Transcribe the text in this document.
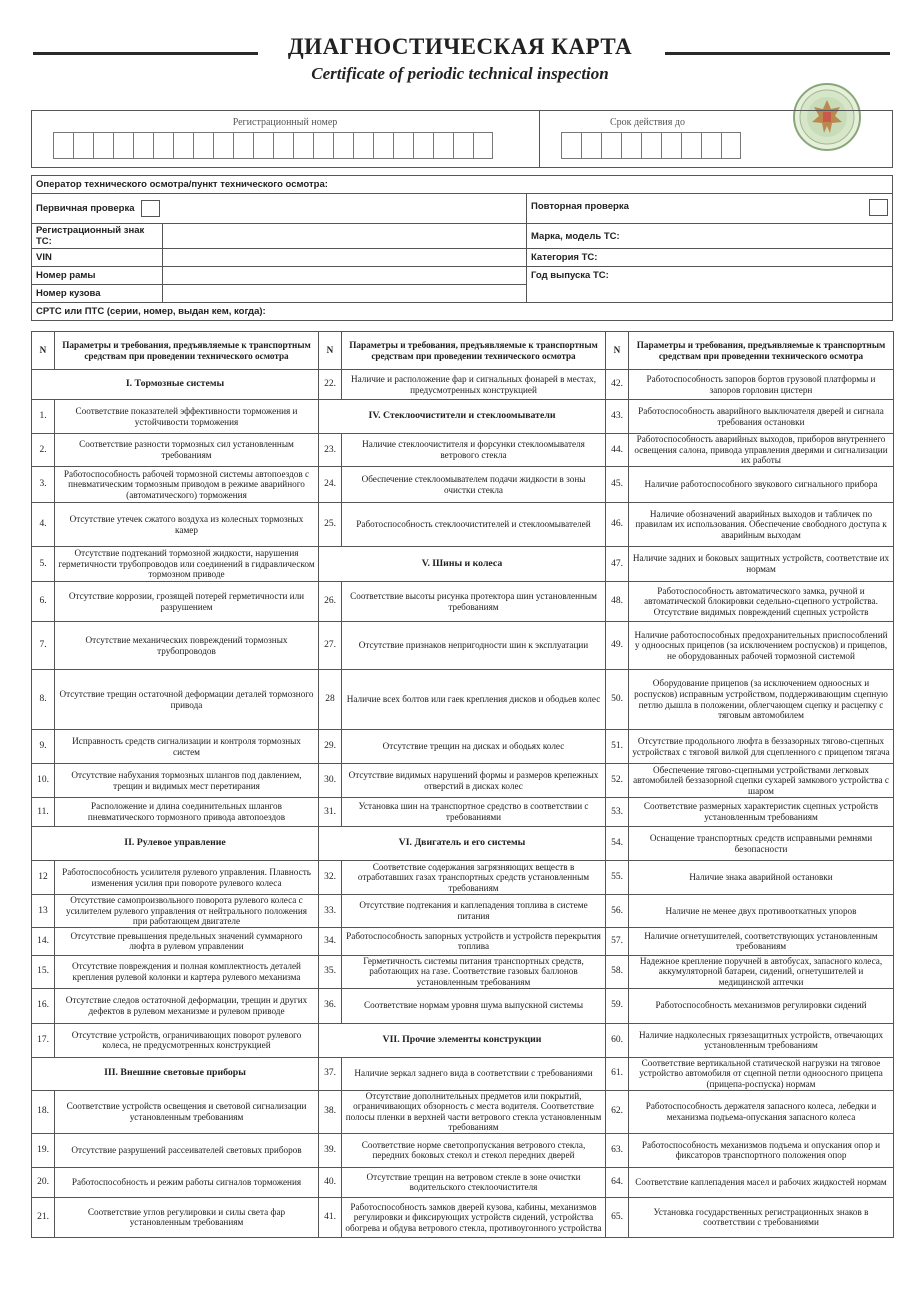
ДИАГНОСТИЧЕСКАЯ КАРТА
Certificate of periodic technical inspection
Регистрационный номер	Срок действия до
Оператор технического осмотра/пункт технического осмотра:		
Первичная проверка		Повторная проверка

Регистрационный знак ТС:		Марка, модель ТС:
VIN		Категория ТС:
Номер рамы		Год выпуска ТС:
Номер кузова		
СРТС или ПТС (серии, номер, выдан кем, когда):		
N	Параметры и требования, предъявляемые к транспортным средствам при проведении технического осмотра	N	Параметры и требования, предъявляемые к транспортным средствам при проведении технического осмотра	N	Параметры и требования, предъявляемые к транспортным средствам при проведении технического осмотра
I. Тормозные системы		22.	Наличие и расположение фар и сигнальных фонарей в местах, предусмотренных конструкцией	42.	Работоспособность запоров бортов грузовой платформы и запоров горловин цистерн
1.	Соответствие показателей эффективности торможения и устойчивости торможения	IV. Стеклоочистители и стеклоомыватели		43.	Работоспособность аварийного выключателя дверей и сигнала требования остановки
2.	Соответствие разности тормозных сил установленным требованиям	23.	Наличие стеклоочистителя и форсунки стеклоомывателя ветрового стекла	44.	Работоспособность аварийных выходов, приборов внутреннего освещения салона, привода управления дверями и сигнализации их работы
3.	Работоспособность рабочей тормозной системы автопоездов с пневматическим тормозным приводом в режиме аварийного (автоматического) торможения	24.	Обеспечение стеклоомывателем подачи жидкости в зоны очистки стекла	45.	Наличие работоспособного звукового сигнального прибора
4.	Отсутствие утечек сжатого воздуха из колесных тормозных камер	25.	Работоспособность стеклоочистителей и стеклоомывателей	46.	Наличие обозначений аварийных выходов и табличек по правилам их использования. Обеспечение свободного доступа к аварийным выходам
5.	Отсутствие подтеканий тормозной жидкости, нарушения герметичности трубопроводов или соединений в гидравлическом тормозном приводе	V. Шины и колеса		47.	Наличие задних и боковых защитных устройств, соответствие их нормам
6.	Отсутствие коррозии, грозящей потерей герметичности или разрушением	26.	Соответствие высоты рисунка протектора шин установленным требованиям	48.	Работоспособность автоматического замка, ручной и автоматической блокировки седельно-сцепного устройства. Отсутствие видимых повреждений сцепных устройств
7.	Отсутствие механических повреждений тормозных трубопроводов	27.	Отсутствие признаков непригодности шин к эксплуатации	49.	Наличие работоспособных предохранительных приспособлений у одноосных прицепов (за исключением роспусков) и прицепов, не оборудованных рабочей тормозной системой
8.	Отсутствие трещин остаточной деформации деталей тормозного привода	28	Наличие всех болтов или гаек крепления дисков и ободьев колес	50.	Оборудование прицепов (за исключением одноосных и роспусков) исправным устройством, поддерживающим сцепную петлю дышла в положении, облегчающем сцепку и расцепку с тяговым автомобилем
9.	Исправность средств сигнализации и контроля тормозных систем	29.	Отсутствие трещин на дисках и ободьях колес	51.	Отсутствие продольного люфта в беззазорных тягово-сцепных устройствах с тяговой вилкой для сцепленного с прицепом тягача
10.	Отсутствие набухания тормозных шлангов под давлением, трещин и видимых мест перетирания	30.	Отсутствие видимых нарушений формы и размеров крепежных отверстий в дисках колес	52.	Обеспечение тягово-сцепными устройствами легковых автомобилей беззазорной сцепки сухарей замкового устройства с шаром
11.	Расположение и длина соединительных шлангов пневматического тормозного привода автопоездов	31.	Установка шин на транспортное средство в соответствии с требованиями	53.	Соответствие размерных характеристик сцепных устройств установленным требованиям
II. Рулевое управление		VI. Двигатель и его системы		54.	Оснащение транспортных средств исправными ремнями безопасности
12	Работоспособность усилителя рулевого управления. Плавность изменения усилия при повороте рулевого колеса	32.	Соответствие содержания загрязняющих веществ в отработавших газах транспортных средств установленным требованиям	55.	Наличие знака аварийной остановки
13	Отсутствие самопроизвольного поворота рулевого колеса с усилителем рулевого управления от нейтрального положения при работающем двигателе	33.	Отсутствие подтекания и каплепадения топлива в системе питания	56.	Наличие не менее двух противооткатных упоров
14.	Отсутствие превышения предельных значений суммарного люфта в рулевом управлении	34.	Работоспособность запорных устройств и устройств перекрытия топлива	57.	Наличие огнетушителей, соответствующих установленным требованиям
15.	Отсутствие повреждения и полная комплектность деталей крепления рулевой колонки и картера рулевого механизма	35.	Герметичность системы питания транспортных средств, работающих на газе. Соответствие газовых баллонов установленным требованиям	58.	Надежное крепление поручней в автобусах, запасного колеса, аккумуляторной батареи, сидений, огнетушителей и медицинской аптечки
16.	Отсутствие следов остаточной деформации, трещин и других дефектов в рулевом механизме и рулевом приводе	36.	Соответствие нормам уровня шума выпускной системы	59.	Работоспособность механизмов регулировки сидений
17.	Отсутствие устройств, ограничивающих поворот рулевого колеса, не предусмотренных конструкцией	VII. Прочие элементы конструкции		60.	Наличие надколесных грязезащитных устройств, отвечающих установленным требованиям
III. Внешние световые приборы		37.	Наличие зеркал заднего вида в соответствии с требованиями	61.	Соответствие вертикальной статической нагрузки на тяговое устройство автомобиля от сцепной петли одноосного прицепа (прицепа-роспуска) нормам
18.	Соответствие устройств освещения и световой сигнализации установленным требованиям	38.	Отсутствие дополнительных предметов или покрытий, ограничивающих обзорность с места водителя. Соответствие полосы пленки в верхней части ветрового стекла установленным требованиям	62.	Работоспособность держателя запасного колеса, лебедки и механизма подъема-опускания запасного колеса
19.	Отсутствие разрушений рассеивателей световых приборов	39.	Соответствие норме светопропускания ветрового стекла, передних боковых стекол и стекол передних дверей	63.	Работоспособность механизмов подъема и опускания опор и фиксаторов транспортного положения опор
20.	Работоспособность и режим работы сигналов торможения	40.	Отсутствие трещин на ветровом стекле в зоне очистки водительского стеклоочистителя	64.	Соответствие каплепадения масел и рабочих жидкостей нормам
21.	Соответствие углов регулировки и силы света фар установленным требованиям	41.	Работоспособность замков дверей кузова, кабины, механизмов регулировки и фиксирующих устройств сидений, устройства обогрева и обдува ветрового стекла, противоугонного устройства	65.	Установка государственных регистрационных знаков в соответствии с требованиями
